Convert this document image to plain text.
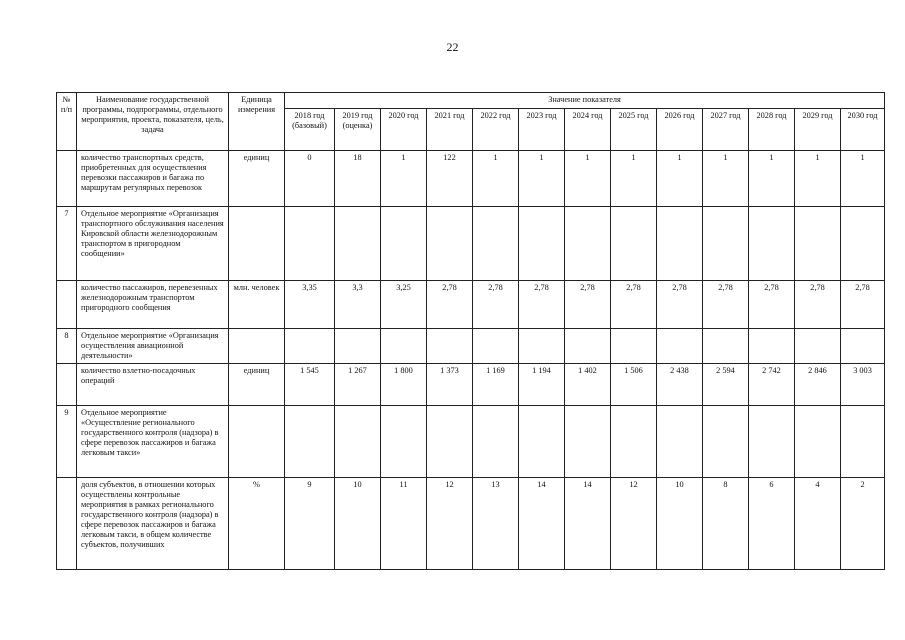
22
№ п/п	Наименование государственной программы, подпрограммы, отдельного мероприятия, проекта, показателя, цель, задача	Единица измерения	Значение показателя												
			2018 год (базовый)	2019 год (оценка)	2020 год	2021 год	2022 год	2023 год	2024 год	2025 год	2026 год	2027 год	2028 год	2029 год	2030 год
	количество транспортных средств, приобретенных для осуществления перевозки пассажиров и багажа по маршрутам регулярных перевозок	единиц	0	18	1	122	1	1	1	1	1	1	1	1	1
7	Отдельное мероприятие «Организация транспортного обслуживания населения Кировской области железнодорожным транспортом в пригородном сообщении»														
	количество пассажиров, перевезенных железнодорожным транспортом пригородного сообщения	млн. человек	3,35	3,3	3,25	2,78	2,78	2,78	2,78	2,78	2,78	2,78	2,78	2,78	2,78
8	Отдельное мероприятие «Организация осуществления авиационной деятельности»														
	количество взлетно-посадочных операций	единиц	1 545	1 267	1 800	1 373	1 169	1 194	1 402	1 506	2 438	2 594	2 742	2 846	3 003
9	Отдельное мероприятие «Осуществление регионального государственного контроля (надзора) в сфере перевозок пассажиров и багажа легковым такси»														
	доля субъектов, в отношении которых осуществлены контрольные мероприятия в рамках регионального государственного контроля (надзора) в сфере перевозок пассажиров и багажа легковым такси, в общем количестве субъектов, получивших	%	9	10	11	12	13	14	14	12	10	8	6	4	2
